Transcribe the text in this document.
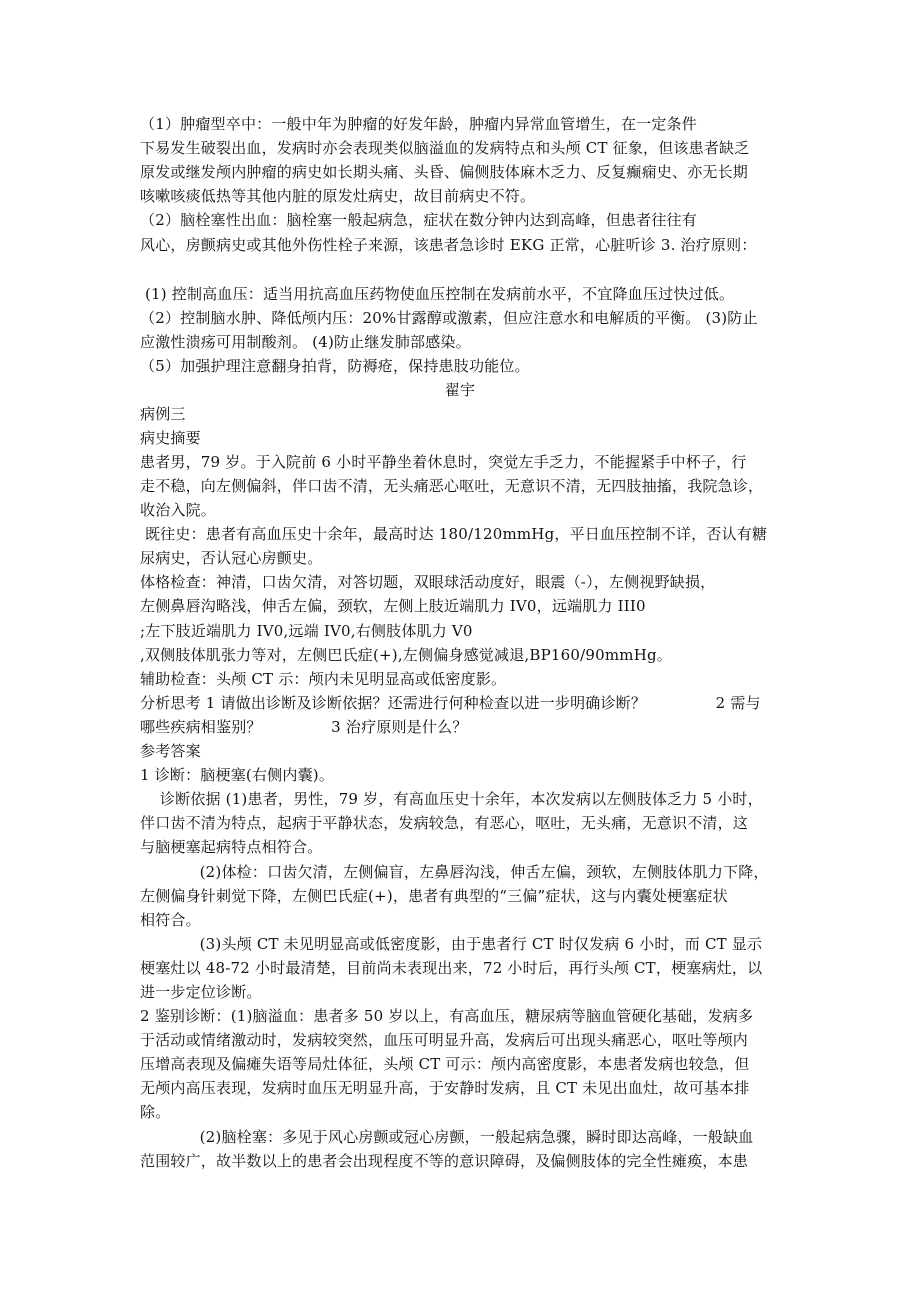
（1）肿瘤型卒中：一般中年为肿瘤的好发年龄，肿瘤内异常血管增生，在一定条件
下易发生破裂出血，发病时亦会表现类似脑溢血的发病特点和头颅 CT 征象，但该患者缺乏
原发或继发颅内肿瘤的病史如长期头痛、头昏、偏侧肢体麻木乏力、反复癫痫史、亦无长期
咳嗽咳痰低热等其他内脏的原发灶病史，故目前病史不符。
（2）脑栓塞性出血：脑栓塞一般起病急，症状在数分钟内达到高峰，但患者往往有
风心，房颤病史或其他外伤性栓子来源，该患者急诊时 EKG 正常，心脏听诊 3. 治疗原则：
(1) 控制高血压：适当用抗高血压药物使血压控制在发病前水平，不宜降血压过快过低。
（2）控制脑水肿、降低颅内压：20%甘露醇或激素，但应注意水和电解质的平衡。 (3)防止
应激性溃疡可用制酸剂。 (4)防止继发肺部感染。
（5）加强护理注意翻身拍背，防褥疮，保持患肢功能位。
翟宇
病例三
病史摘要
患者男，79 岁。于入院前 6 小时平静坐着休息时，突觉左手乏力，不能握紧手中杯子，行
走不稳，向左侧偏斜，伴口齿不清，无头痛恶心呕吐，无意识不清，无四肢抽搐，我院急诊，
收治入院。
既往史：患者有高血压史十余年，最高时达 180/120mmHg，平日血压控制不详，否认有糖
尿病史，否认冠心房颤史。
体格检查：神清，口齿欠清，对答切题，双眼球活动度好，眼震（-），左侧视野缺损，
左侧鼻唇沟略浅，伸舌左偏，颈软，左侧上肢近端肌力 IV0，远端肌力 III0
;左下肢近端肌力 IV0,远端 IV0,右侧肢体肌力 V0
,双侧肢体肌张力等对，左侧巴氏症(+),左侧偏身感觉减退,BP160/90mmHg。
辅助检查：头颅 CT 示：颅内未见明显高或低密度影。
分析思考 1 请做出诊断及诊断依据？还需进行何种检查以进一步明确诊断？              2 需与
哪些疾病相鉴别？              3 治疗原则是什么？
参考答案
1 诊断：脑梗塞(右侧内囊)。
诊断依据 (1)患者，男性，79 岁，有高血压史十余年，本次发病以左侧肢体乏力 5 小时，
伴口齿不清为特点，起病于平静状态，发病较急，有恶心，呕吐，无头痛，无意识不清，这
与脑梗塞起病特点相符合。
(2)体检：口齿欠清，左侧偏盲，左鼻唇沟浅，伸舌左偏，颈软，左侧肢体肌力下降，
左侧偏身针刺觉下降，左侧巴氏症(+)，患者有典型的“三偏”症状，这与内囊处梗塞症状
相符合。
(3)头颅 CT 未见明显高或低密度影，由于患者行 CT 时仅发病 6 小时，而 CT 显示
梗塞灶以 48-72 小时最清楚，目前尚未表现出来，72 小时后，再行头颅 CT，梗塞病灶，以
进一步定位诊断。
2 鉴别诊断：(1)脑溢血：患者多 50 岁以上，有高血压，糖尿病等脑血管硬化基础，发病多
于活动或情绪激动时，发病较突然，血压可明显升高，发病后可出现头痛恶心，呕吐等颅内
压增高表现及偏瘫失语等局灶体征，头颅 CT 可示：颅内高密度影，本患者发病也较急，但
无颅内高压表现，发病时血压无明显升高，于安静时发病，且 CT 未见出血灶，故可基本排
除。
(2)脑栓塞：多见于风心房颤或冠心房颤，一般起病急骤，瞬时即达高峰，一般缺血
范围较广，故半数以上的患者会出现程度不等的意识障碍，及偏侧肢体的完全性瘫痪，本患
